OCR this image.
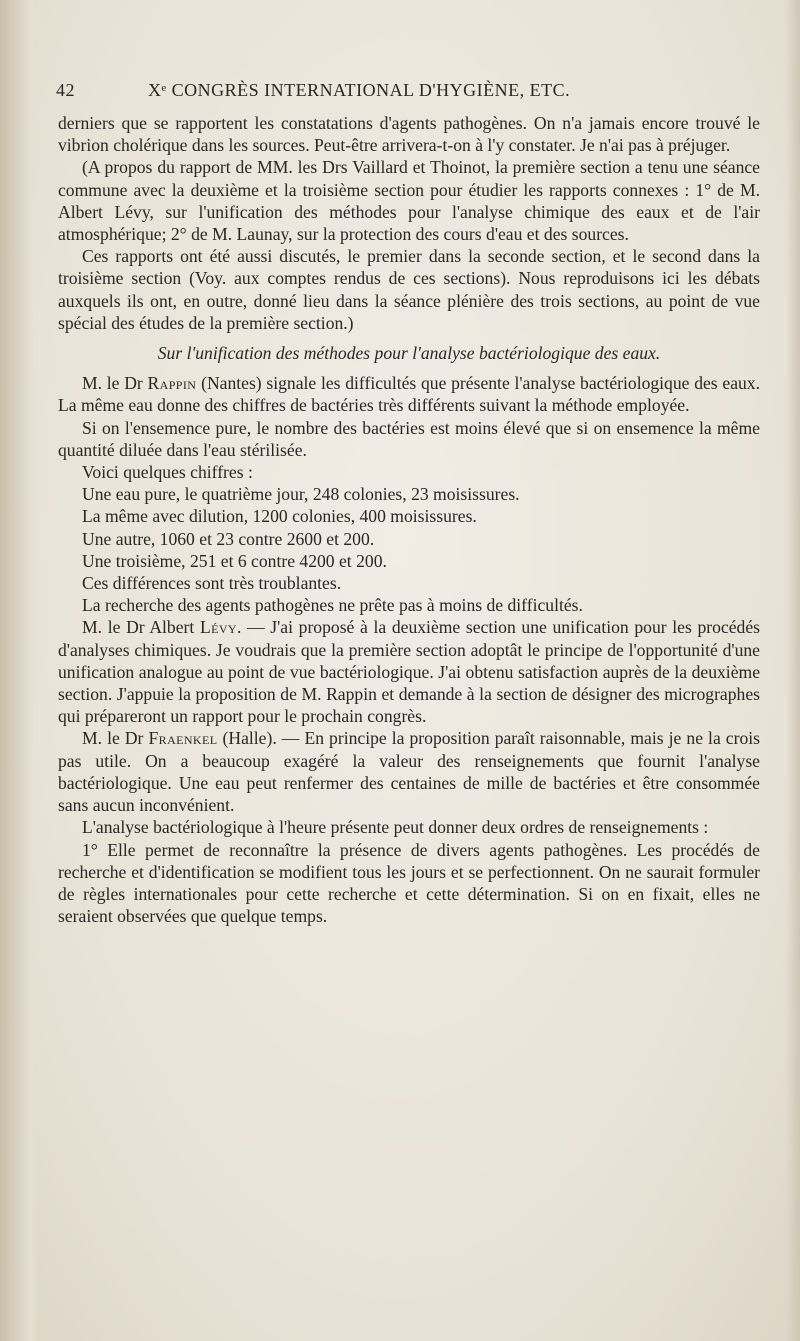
42	Xᵉ CONGRÈS INTERNATIONAL D'HYGIÈNE, ETC.

derniers que se rapportent les constatations d'agents pathogènes. On n'a jamais encore trouvé le vibrion cholérique dans les sources. Peut-être arrivera-t-on à l'y constater. Je n'ai pas à préjuger.

(A propos du rapport de MM. les Drs Vaillard et Thoinot, la première section a tenu une séance commune avec la deuxième et la troisième section pour étudier les rapports connexes : 1° de M. Albert Lévy, sur l'unification des méthodes pour l'analyse chimique des eaux et de l'air atmosphérique; 2° de M. Launay, sur la protection des cours d'eau et des sources.

Ces rapports ont été aussi discutés, le premier dans la seconde section, et le second dans la troisième section (Voy. aux comptes rendus de ces sections). Nous reproduisons ici les débats auxquels ils ont, en outre, donné lieu dans la séance plénière des trois sections, au point de vue spécial des études de la première section.)

Sur l'unification des méthodes pour l'analyse bactériologique des eaux.

M. le Dr Rappin (Nantes) signale les difficultés que présente l'analyse bactériologique des eaux. La même eau donne des chiffres de bactéries très différents suivant la méthode employée.

Si on l'ensemence pure, le nombre des bactéries est moins élevé que si on ensemence la même quantité diluée dans l'eau stérilisée.

Voici quelques chiffres :

Une eau pure, le quatrième jour, 248 colonies, 23 moisissures.

La même avec dilution, 1200 colonies, 400 moisissures.

Une autre, 1060 et 23 contre 2600 et 200.

Une troisième, 251 et 6 contre 4200 et 200.

Ces différences sont très troublantes.

La recherche des agents pathogènes ne prête pas à moins de difficultés.

M. le Dr Albert Lévy. — J'ai proposé à la deuxième section une unification pour les procédés d'analyses chimiques. Je voudrais que la première section adoptât le principe de l'opportunité d'une unification analogue au point de vue bactériologique. J'ai obtenu satisfaction auprès de la deuxième section. J'appuie la proposition de M. Rappin et demande à la section de désigner des micrographes qui prépareront un rapport pour le prochain congrès.

M. le Dr Fraenkel (Halle). — En principe la proposition paraît raisonnable, mais je ne la crois pas utile. On a beaucoup exagéré la valeur des renseignements que fournit l'analyse bactériologique. Une eau peut renfermer des centaines de mille de bactéries et être consommée sans aucun inconvénient.

L'analyse bactériologique à l'heure présente peut donner deux ordres de renseignements :

1° Elle permet de reconnaître la présence de divers agents pathogènes. Les procédés de recherche et d'identification se modifient tous les jours et se perfectionnent. On ne saurait formuler de règles internationales pour cette recherche et cette détermination. Si on en fixait, elles ne seraient observées que quelque temps.
